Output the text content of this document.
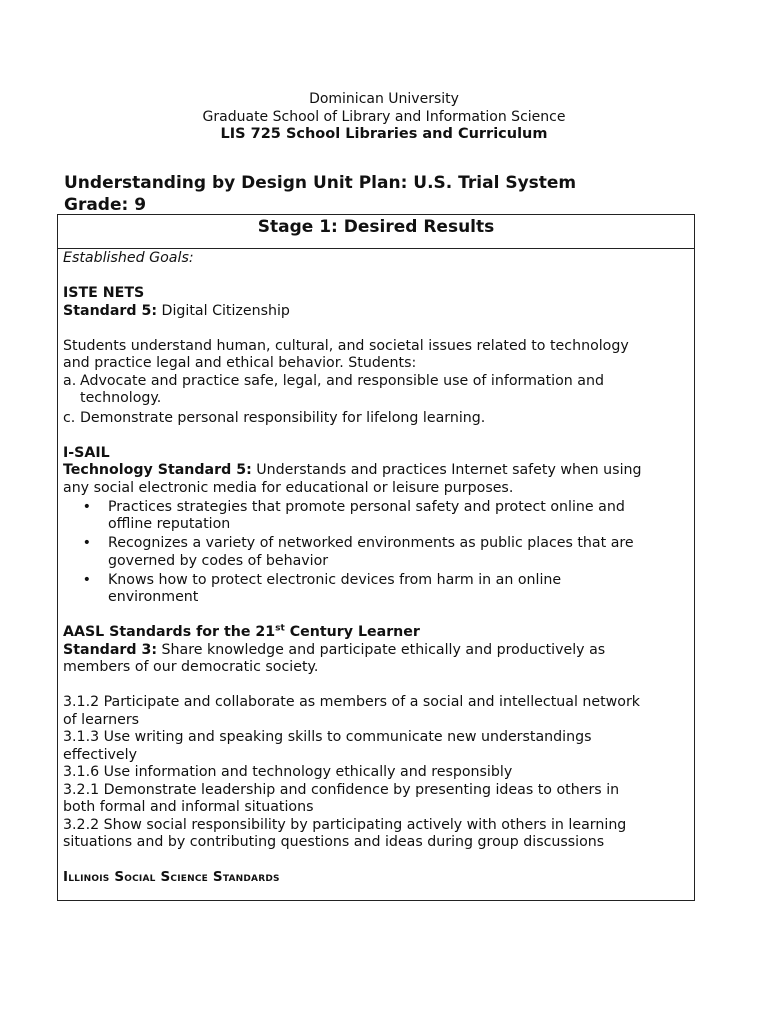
Dominican University
Graduate School of Library and Information Science
LIS 725 School Libraries and Curriculum
Understanding by Design Unit Plan: U.S. Trial System
Grade: 9
Stage 1: Desired Results

Established Goals:

ISTE NETS

Standard 5: Digital Citizenship

Students understand human, cultural, and societal issues related to technology

and practice legal and ethical behavior. Students:

a. Advocate and practice safe, legal, and responsible use of information and

technology.

c. Demonstrate personal responsibility for lifelong learning.

I-SAIL

Technology Standard 5: Understands and practices Internet safety when using

any social electronic media for educational or leisure purposes.

•	Practices strategies that promote personal safety and protect online and

offline reputation

•	Recognizes a variety of networked environments as public places that are

governed by codes of behavior

•	Knows how to protect electronic devices from harm in an online

environment

AASL Standards for the 21st Century Learner

Standard 3: Share knowledge and participate ethically and productively as

members of our democratic society.

3.1.2 Participate and collaborate as members of a social and intellectual network

of learners

3.1.3 Use writing and speaking skills to communicate new understandings

effectively

3.1.6 Use information and technology ethically and responsibly

3.2.1 Demonstrate leadership and confidence by presenting ideas to others in

both formal and informal situations

3.2.2 Show social responsibility by participating actively with others in learning

situations and by contributing questions and ideas during group discussions

Illinois Social Science Standards
